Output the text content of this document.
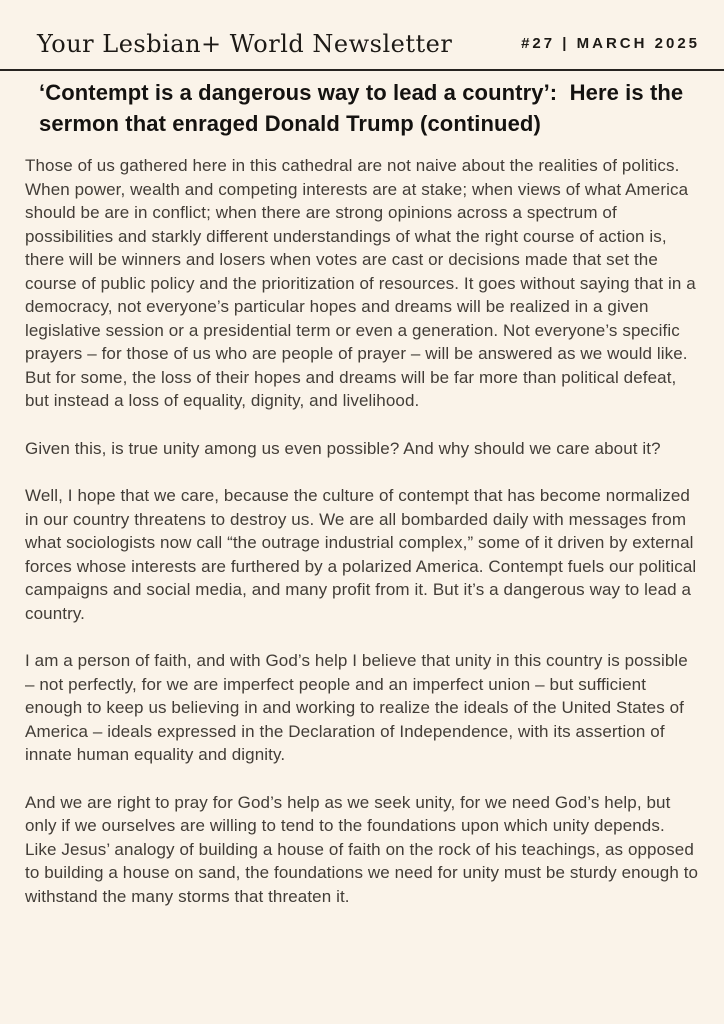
Your Lesbian+ World Newsletter	#27 | MARCH 2025
‘Contempt is a dangerous way to lead a country’:  Here is the sermon that enraged Donald Trump (continued)

Those of us gathered here in this cathedral are not naive about the realities of politics. When power, wealth and competing interests are at stake; when views of what America should be are in conflict; when there are strong opinions across a spectrum of possibilities and starkly different understandings of what the right course of action is, there will be winners and losers when votes are cast or decisions made that set the course of public policy and the prioritization of resources. It goes without saying that in a democracy, not everyone’s particular hopes and dreams will be realized in a given legislative session or a presidential term or even a generation. Not everyone’s specific prayers – for those of us who are people of prayer – will be answered as we would like. But for some, the loss of their hopes and dreams will be far more than political defeat, but instead a loss of equality, dignity, and livelihood.

Given this, is true unity among us even possible? And why should we care about it?

Well, I hope that we care, because the culture of contempt that has become normalized in our country threatens to destroy us. We are all bombarded daily with messages from what sociologists now call “the outrage industrial complex,” some of it driven by external forces whose interests are furthered by a polarized America. Contempt fuels our political campaigns and social media, and many profit from it. But it’s a dangerous way to lead a country.

I am a person of faith, and with God’s help I believe that unity in this country is possible – not perfectly, for we are imperfect people and an imperfect union – but sufficient enough to keep us believing in and working to realize the ideals of the United States of America – ideals expressed in the Declaration of Independence, with its assertion of innate human equality and dignity.

And we are right to pray for God’s help as we seek unity, for we need God’s help, but only if we ourselves are willing to tend to the foundations upon which unity depends. Like Jesus’ analogy of building a house of faith on the rock of his teachings, as opposed to building a house on sand, the foundations we need for unity must be sturdy enough to withstand the many storms that threaten it.
